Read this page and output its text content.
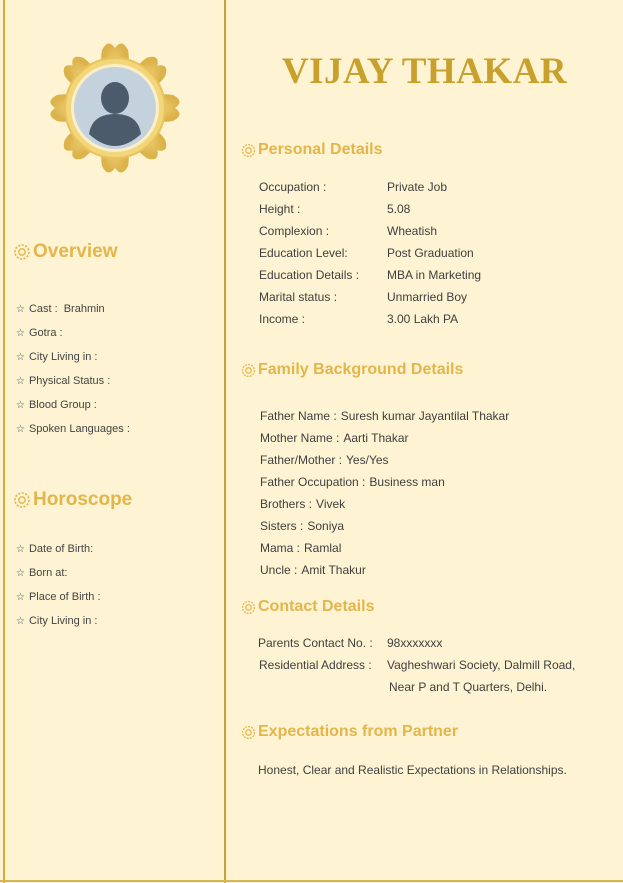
VIJAY THAKAR
Overview
☆ Cast : Brahmin
☆ Gotra :
☆ City Living in :
☆ Physical Status :
☆ Blood Group :
☆ Spoken Languages :
Horoscope
☆ Date of Birth:
☆ Born at:
☆ Place of Birth :
☆ City Living in :
Personal Details
Occupation :	Private Job
Height :	5.08
Complexion :	Wheatish
Education Level:	Post Graduation
Education Details : MBA in Marketing
Marital status :	Unmarried Boy
Income :	3.00 Lakh PA
Family Background Details
Father Name : Suresh kumar Jayantilal Thakar
Mother Name : Aarti Thakar
Father/Mother : Yes/Yes
Father Occupation : Business man
Brothers : Vivek
Sisters : Soniya
Mama : Ramlal
Uncle : Amit Thakur
Contact Details
Parents Contact No. : 98xxxxxxx
Residential Address : Vagheshwari Society, Dalmill Road,
Near P and T Quarters, Delhi.
Expectations from Partner
Honest, Clear and Realistic Expectations in Relationships.
